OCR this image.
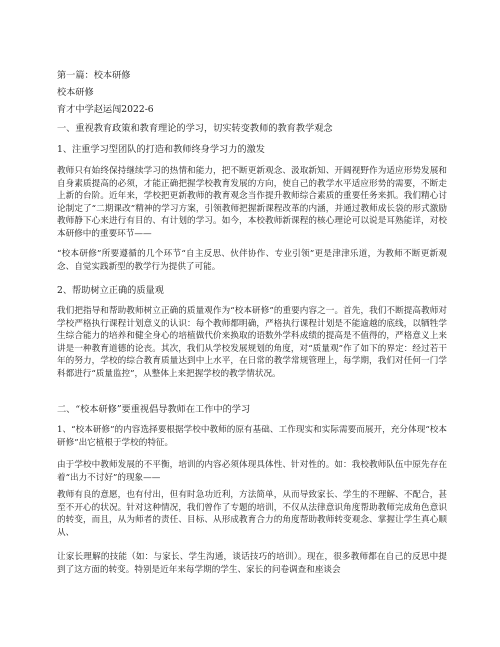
第一篇：校本研修
校本研修
育才中学赵运闯2022-6
一、重视教育政策和教育理论的学习，切实转变教师的教育教学观念
1、注重学习型团队的打造和教师终身学习力的激发
教师只有始终保持继续学习的热情和能力，把不断更新观念、汲取新知、开阔视野作为适应形势发展和自身素质提高的必须，才能正确把握学校教育发展的方向，使自己的教学水平适应形势的需要，不断走上新的台阶。近年来，学校把更新教师的教育观念当作提升教师综合素质的重要任务来抓。我们精心讨论制定了“二期课改”精神的学习方案，引领教师把握新课程改革的内涵，并通过教师成长袋的形式激励教师静下心来进行有目的、有计划的学习。如今，本校教师新课程的核心理论可以说是耳熟能详，对校本研修中的重要环节——
“校本研修”所要遵循的几个环节“自主反思、伙伴协作、专业引领”更是津津乐道，为教师不断更新观念、自觉实践新型的教学行为提供了可能。
2、帮助树立正确的质量观
我们把指导和帮助教师树立正确的质量观作为“校本研修”的重要内容之一。首先，我们不断提高教师对学校严格执行课程计划意义的认识：每个教师都明确，严格执行课程计划是不能逾越的底线，以牺牲学生综合能力的培养和健全身心的培植做代价来换取的语数外学科成绩的提高是不值得的，严格意义上来讲是一种教育道德的论丧。其次，我们从学校发展规划的角度，对“质量观”作了如下的界定：经过若干年的努力，学校的综合教育质量达到中上水平，在日常的教学常规管理上，每学期，我们对任何一门学科都进行“质量监控”，从整体上来把握学校的教学情状况。
二、“校本研修”要重视倡导教师在工作中的学习
1、“校本研修”的内容选择要根据学校中教师的原有基础、工作现实和实际需要而展开，充分体现“校本研修”出它植根于学校的特征。
由于学校中教师发展的不平衡，培训的内容必须体现具体性、针对性的。如：我校教师队伍中原先存在着“出力不讨好”的现象——
教师有良的意愿，也有付出，但有时急功近利，方法简单，从而导致家长、学生的不理解、不配合，甚至不开心的状况。针对这种情况，我们曾作了专题的培训，不仅从法律意识角度帮助教师完成角色意识的转变，而且，从为师者的责任、目标、从形成教育合力的角度帮助教师转变观念、掌握让学生真心顺从、
让家长理解的技能（如：与家长、学生沟通，谈话技巧的培训）。现在，很多教师都在自己的反思中提到了这方面的转变。特别是近年来每学期的学生、家长的问卷调查和座谈会
